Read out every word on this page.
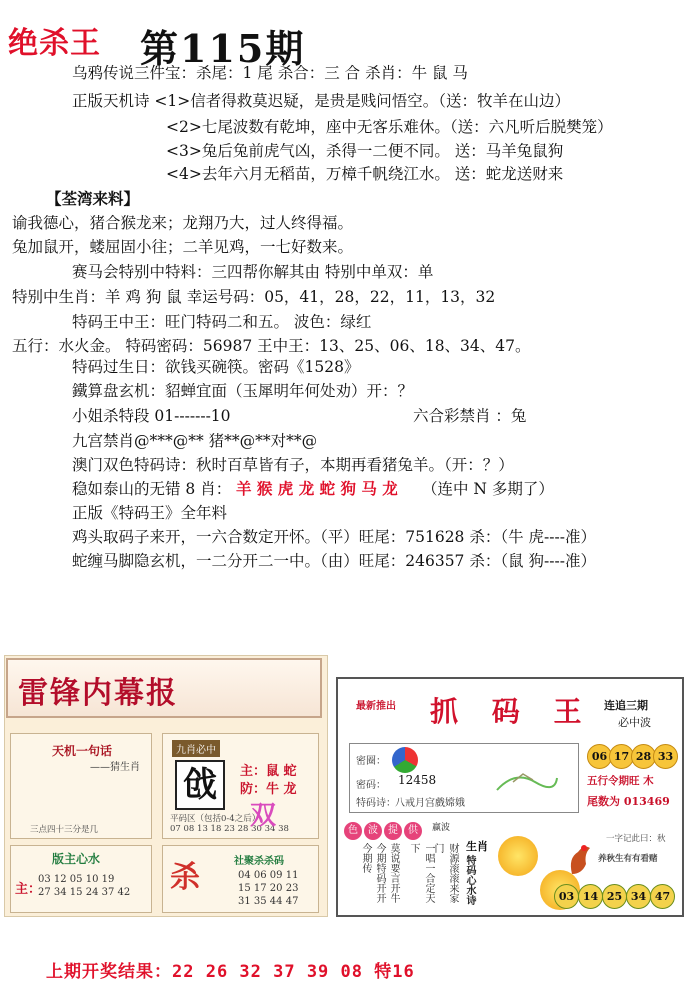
绝杀王 第115期
乌鸦传说三件宝：杀尾：1 尾 杀合：三 合 杀肖：牛 鼠 马
正版天机诗 <1>信者得救莫迟疑，是贵是贱问悟空。（送：牧羊在山边）
<2>七尾波数有乾坤，座中无客乐难休。（送：六凡听后脱樊笼）
<3>兔后兔前虎气凶，杀得一二便不同。 送：马羊兔鼠狗
<4>去年六月无稻苗，万樟千帆绕江水。 送：蛇龙送财来
【荃湾来料】
谕我德心，猪合猴龙来；龙翔乃大，过人终得福。
兔加鼠开，蝼屈固小往；二羊见鸡，一七好数来。
赛马会特别中特料：三四帮你解其由 特别中单双：单
特别中生肖：羊 鸡 狗 鼠 幸运号码：05，41，28，22，11，13，32
特码王中王：旺门特码二和五。 波色：绿红
五行：水火金。 特码密码：56987 王中王：13、25、06、18、34、47。
特码过生日：欲钱买碗筷。密码《1528》
鐵算盘玄机：貂蝉宜面（玉犀明年何处劝）开：？
小姐杀特段 01-------10	六合彩禁肖 ：兔
九宫禁肖@***@** 猪**@**对**@
澳门双色特码诗：秋时百草皆有子，本期再看猪兔羊。（开：？）
稳如泰山的无错 8 肖： 羊 猴 虎 龙 蛇 狗 马 龙 （连中 N 多期了）
正版《特码王》全年料
鸡头取码子来开，一六合数定开怀。（平）旺尾：751628 杀：（牛 虎----准）
蛇缠马脚隐玄机，一二分开二一中。（由）旺尾：246357 杀：（鼠 狗----准）
雷锋内幕报
天机一句话
——猜生肖
三点四十三分是几
九肖必中
戗	主：鼠 蛇
防：牛 龙
平码区（包括0-4之后）
07 08 13 18 23 28 30 34 38
双
版主心水
主：
03 12 05 10 19
27 34 15 24 37 42 杀	社聚杀杀码
04 06 09 11
15 17 20 23
31 35 44 47
最新推出 抓 码 王 连追三期
必中波
密圈：
密码： 12458
特码诗： 八戒月宫戲嫦娥
06 17 28 33
五行令期旺 木
尾数为 013469
色 波 提 供	赢波
生肖
今期传 今期特码开开 莫说要言开牛	一唱一合定天下	财源滚滚来家门
特码心水诗
一字记此曰：秋
养秋生有有看赌
03 14 25 34 47
上期开奖结果：22 26 32 37 39 08 特16
